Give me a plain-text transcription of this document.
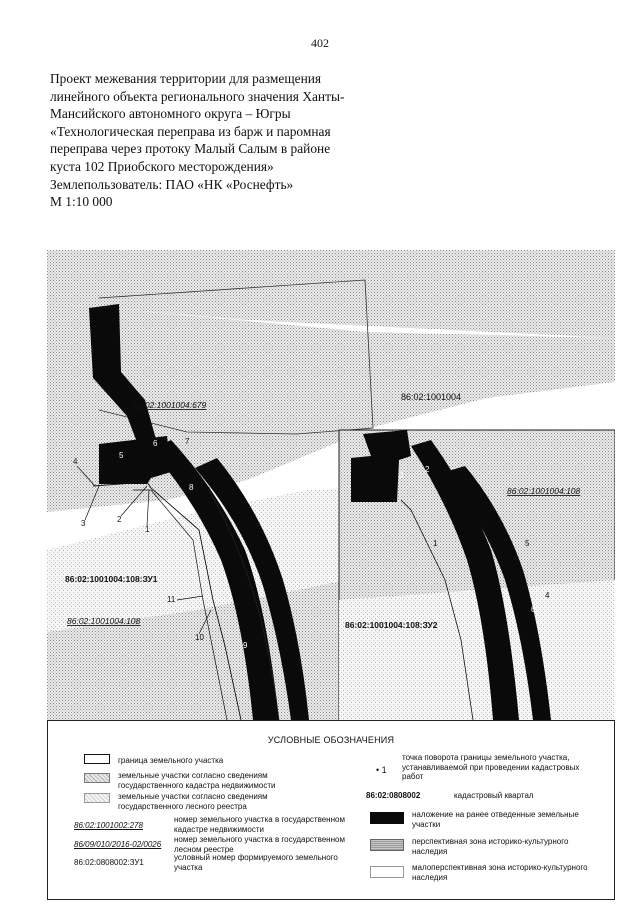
402
Проект межевания территории для размещения
линейного объекта регионального значения Ханты-
Мансийского автономного округа – Югры
«Технологическая переправа из барж и паромная
переправа через протоку Малый Салым в районе
куста 102 Приобского месторождения»
Землепользователь: ПАО «НК «Роснефть»
М 1:10 000
1
2
3
4
5
6	7
8
9
10
11
1
2
3
4
5
6
86:02:1001004:679
86:02:1001004
86:02:1001004:108
86:02:1001004:108
86:02:1001004:108:ЗУ1
86:02:1001004:108:ЗУ2
УСЛОВНЫЕ ОБОЗНАЧЕНИЯ
граница земельного участка
земельные участки согласно сведениям государственного кадастра недвижимости
земельные участки согласно сведениям государственного лесного реестра
86:02:1001002:278
номер земельного участка в государственном кадастре недвижимости
86/09/010/2016-02/0026
номер земельного участка в государственном лесном реестре
86:02:0808002:ЗУ1
условный номер формируемого земельного участка
• 1
точка поворота границы земельного участка, устанавливаемой при проведении кадастровых работ
86:02:0808002	кадастровый квартал
наложение на ранее отведенные земельные участки
перспективная зона историко-культурного наследия
малоперспективная зона историко-культурного наследия
